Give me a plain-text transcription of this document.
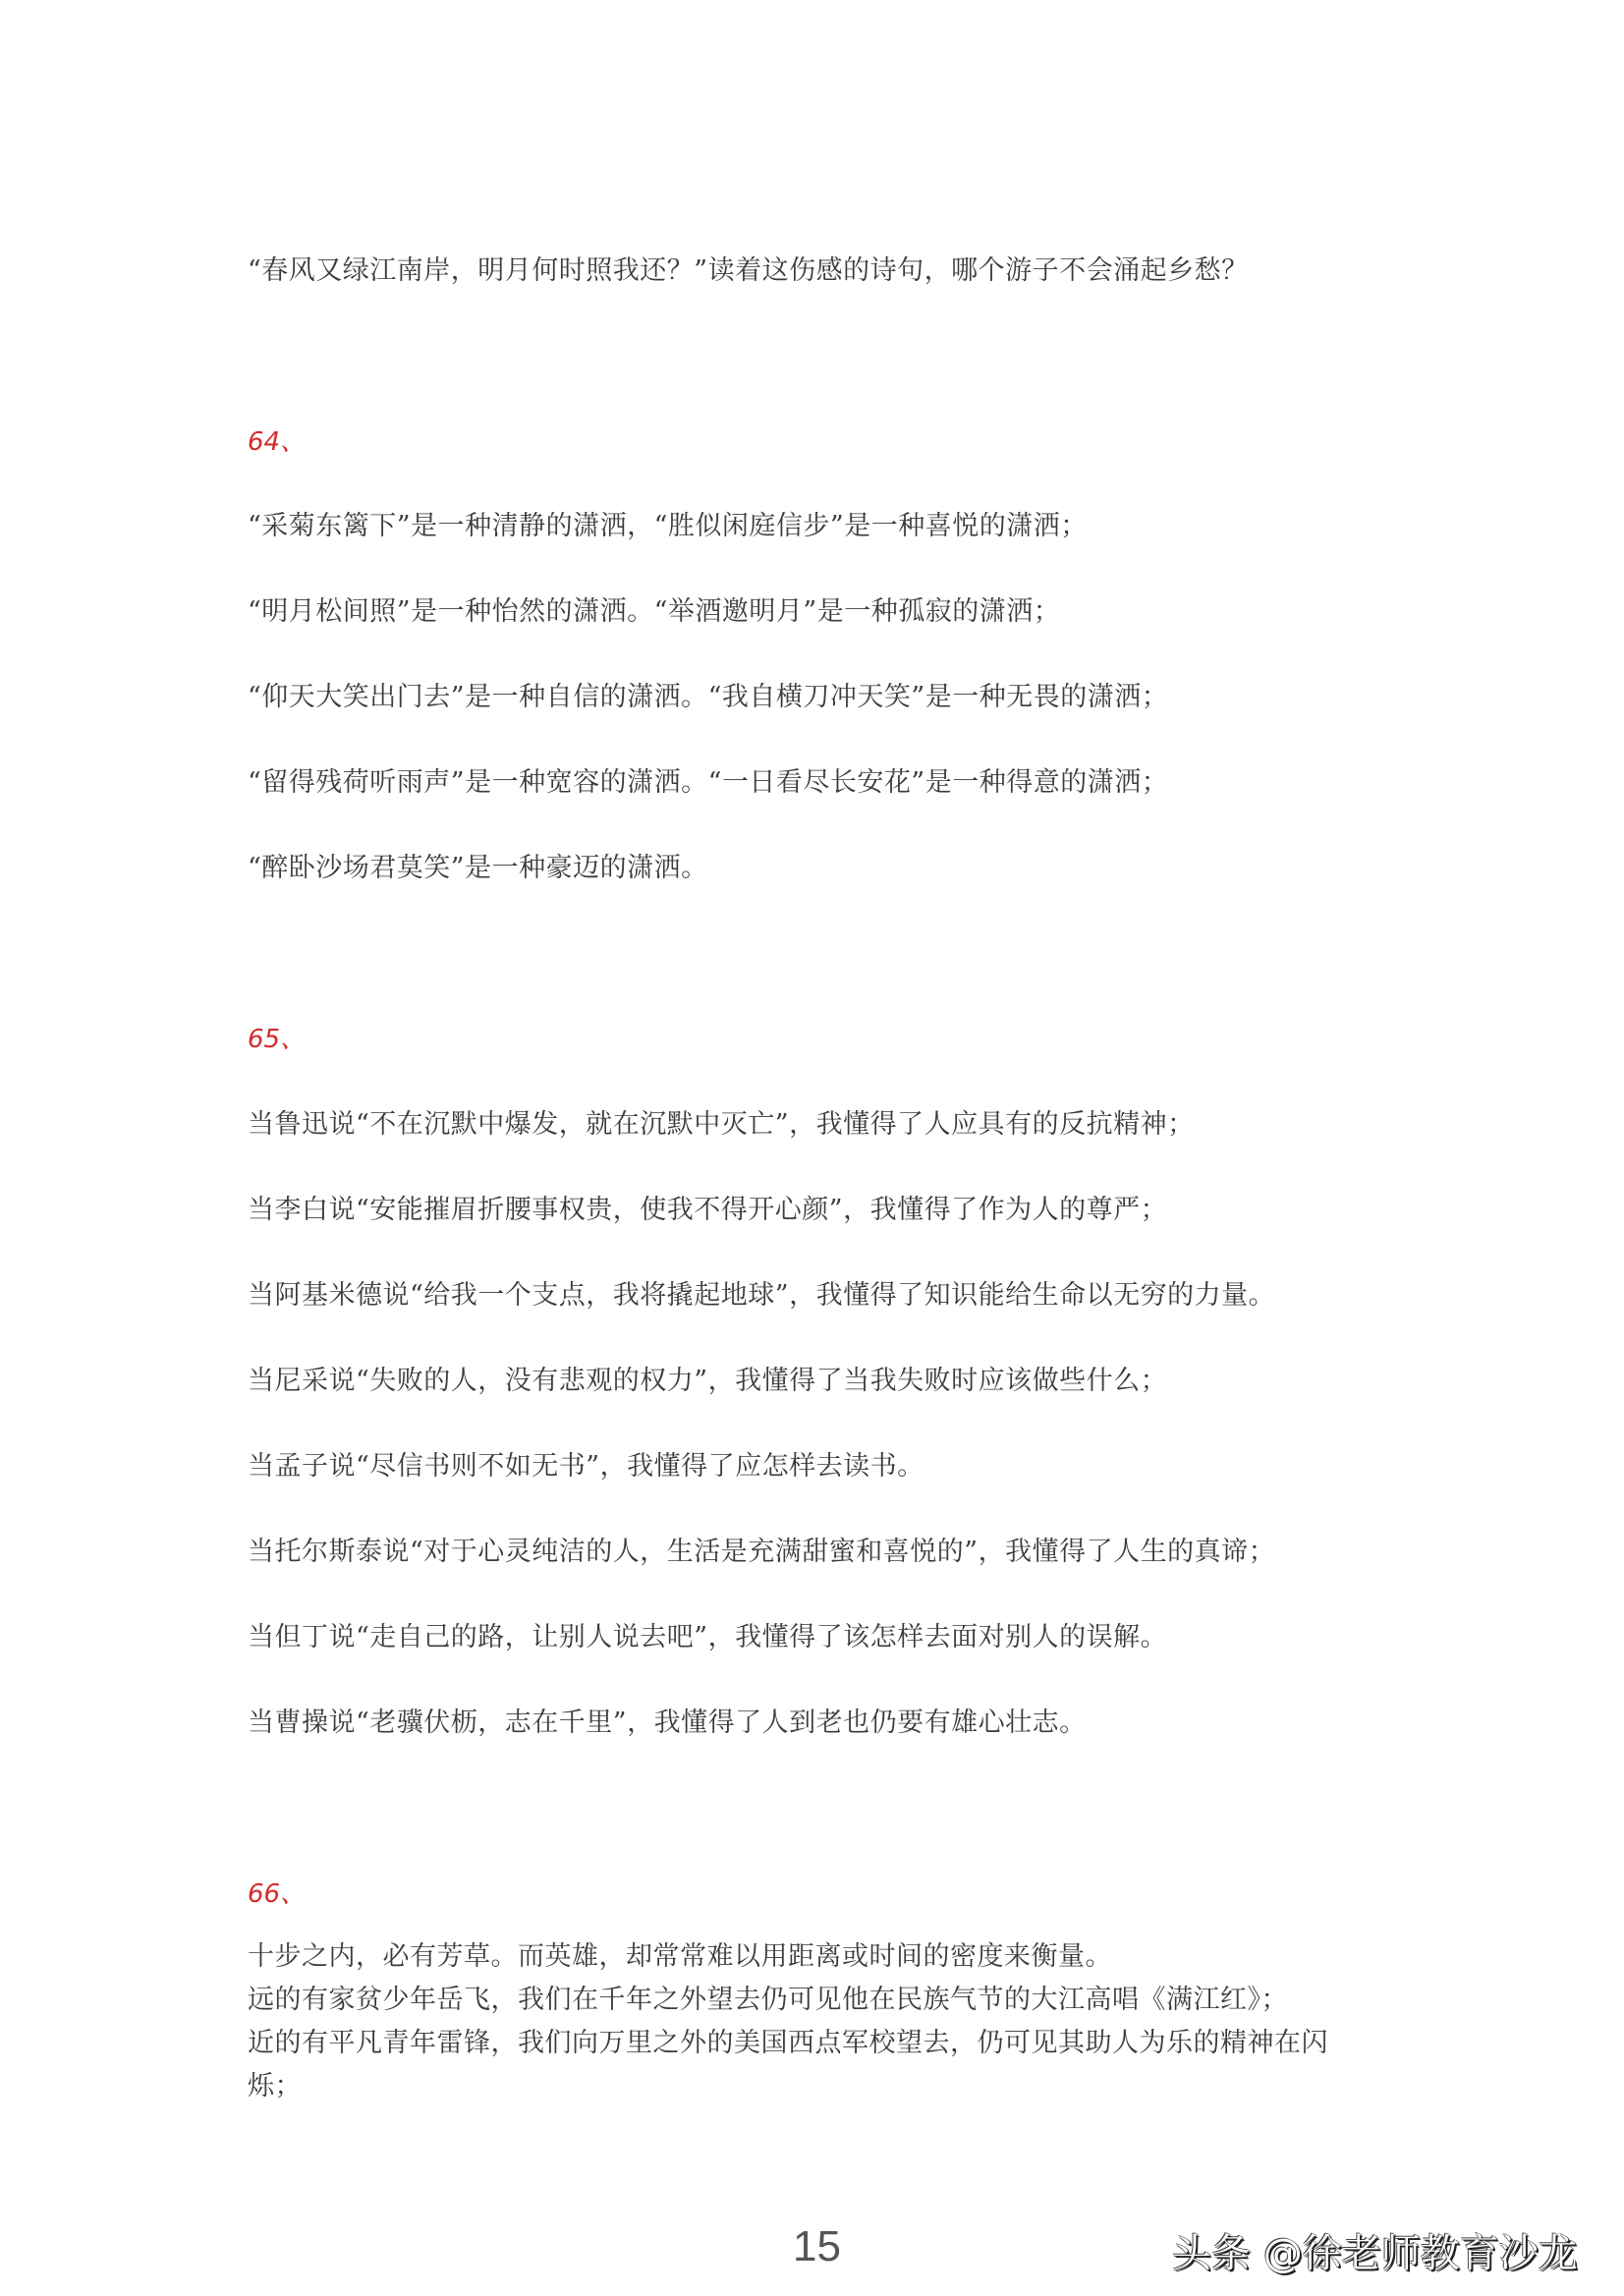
“春风又绿江南岸，明月何时照我还？”读着这伤感的诗句，哪个游子不会涌起乡愁？
64、
“采菊东篱下”是一种清静的潇洒，“胜似闲庭信步”是一种喜悦的潇洒；
“明月松间照”是一种怡然的潇洒。“举酒邀明月”是一种孤寂的潇洒；
“仰天大笑出门去”是一种自信的潇洒。“我自横刀冲天笑”是一种无畏的潇洒；
“留得残荷听雨声”是一种宽容的潇洒。“一日看尽长安花”是一种得意的潇洒；
“醉卧沙场君莫笑”是一种豪迈的潇洒。
65、
当鲁迅说“不在沉默中爆发，就在沉默中灭亡”，我懂得了人应具有的反抗精神；
当李白说“安能摧眉折腰事权贵，使我不得开心颜”，我懂得了作为人的尊严；
当阿基米德说“给我一个支点，我将撬起地球”，我懂得了知识能给生命以无穷的力量。
当尼采说“失败的人，没有悲观的权力”，我懂得了当我失败时应该做些什么；
当孟子说“尽信书则不如无书”，我懂得了应怎样去读书。
当托尔斯泰说“对于心灵纯洁的人，生活是充满甜蜜和喜悦的”，我懂得了人生的真谛；
当但丁说“走自己的路，让别人说去吧”，我懂得了该怎样去面对别人的误解。
当曹操说“老骥伏枥，志在千里”，我懂得了人到老也仍要有雄心壮志。
66、
十步之内，必有芳草。而英雄，却常常难以用距离或时间的密度来衡量。
远的有家贫少年岳飞，我们在千年之外望去仍可见他在民族气节的大江高唱《满江红》；
近的有平凡青年雷锋，我们向万里之外的美国西点军校望去，仍可见其助人为乐的精神在闪
烁；
15	头条 @徐老师教育沙龙
